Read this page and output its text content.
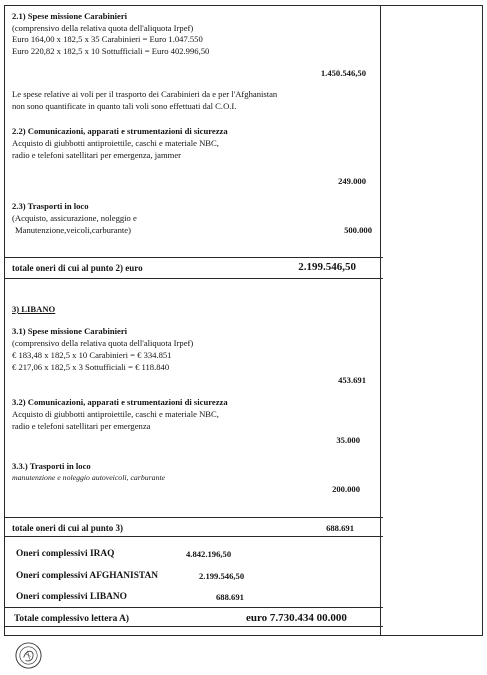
2.1) Spese missione Carabinieri
(comprensivo della relativa quota dell'aliquota Irpef)
Euro 164,00 x 182,5 x 35 Carabinieri = Euro 1.047.550
Euro 220,82 x 182,5 x 10 Sottufficiali = Euro 402.996,50
1.450.546,50
Le spese relative ai voli per il trasporto dei Carabinieri da e per l'Afghanistan
non sono quantificate in quanto tali voli sono effettuati dal C.O.I.
2.2) Comunicazioni, apparati e strumentazioni di sicurezza
Acquisto di giubbotti antiproiettile, caschi e materiale NBC,
radio e telefoni satellitari per emergenza, jammer
249.000
2.3) Trasporti in loco
(Acquisto, assicurazione, noleggio e
Manutenzione,veicoli,carburante)	500.000
totale oneri di cui al punto 2) euro	2.199.546,50
3) LIBANO
3.1) Spese missione Carabinieri
(comprensivo della relativa quota dell'aliquota Irpef)
€ 183,48 x 182,5 x 10 Carabinieri = € 334.851
€ 217,06 x 182,5 x 3 Sottufficiali = € 118.840
453.691
3.2) Comunicazioni, apparati e strumentazioni di sicurezza
Acquisto di giubbotti antiproiettile, caschi e materiale NBC,
radio e telefoni satellitari per emergenza
35.000
3.3.) Trasporti in loco
manutenzione e noleggio autoveicoli, carburante
200.000
totale oneri di cui al punto 3)	688.691
Oneri complessivi IRAQ	4.842.196,50
Oneri complessivi AFGHANISTAN	2.199.546,50
Oneri complessivi LIBANO	688.691
Totale complessivo lettera A)	euro 7.730.434 00.000
